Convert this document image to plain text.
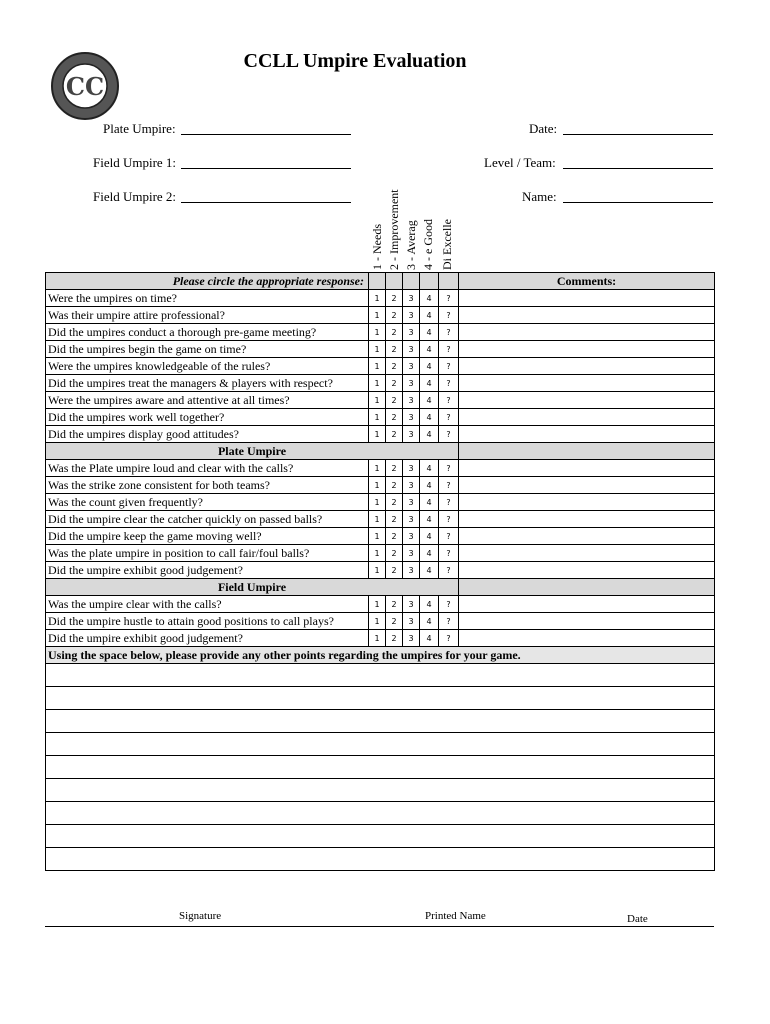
CCLL Umpire Evaluation
CC
Plate Umpire:
Field Umpire 1:
Field Umpire 2:
Date:
Level / Team:
Name:
1 - Needs 2 - Improvement 3 - Averag 4 - e Good Di Excelle
Please circle the appropriate response:						Comments:
Were the umpires on time?	1	2	3	4	?	
Was their umpire attire professional?	1	2	3	4	?	
Did the umpires conduct a thorough pre-game meeting?	1	2	3	4	?	
Did the umpires begin the game on time?	1	2	3	4	?	
Were the umpires knowledgeable of the rules?	1	2	3	4	?	
Did the umpires treat the managers & players with respect?	1	2	3	4	?	
Were the umpires aware and attentive at all times?	1	2	3	4	?	
Did the umpires work well together?	1	2	3	4	?	
Did the umpires display good attitudes?	1	2	3	4	?	
Plate Umpire						
Was the Plate umpire loud and clear with the calls?	1	2	3	4	?	
Was the strike zone consistent for both teams?	1	2	3	4	?	
Was the count given frequently?	1	2	3	4	?	
Did the umpire clear the catcher quickly on passed balls?	1	2	3	4	?	
Did the umpire keep the game moving well?	1	2	3	4	?	
Was the plate umpire in position to call fair/foul balls?	1	2	3	4	?	
Did the umpire exhibit good judgement?	1	2	3	4	?	
Field Umpire						
Was the umpire clear with the calls?	1	2	3	4	?	
Did the umpire hustle to attain good positions to call plays?	1	2	3	4	?	
Did the umpire exhibit good judgement?	1	2	3	4	?	
Using the space below, please provide any other points regarding the umpires for your game.						

Signature	Printed Name	Date
